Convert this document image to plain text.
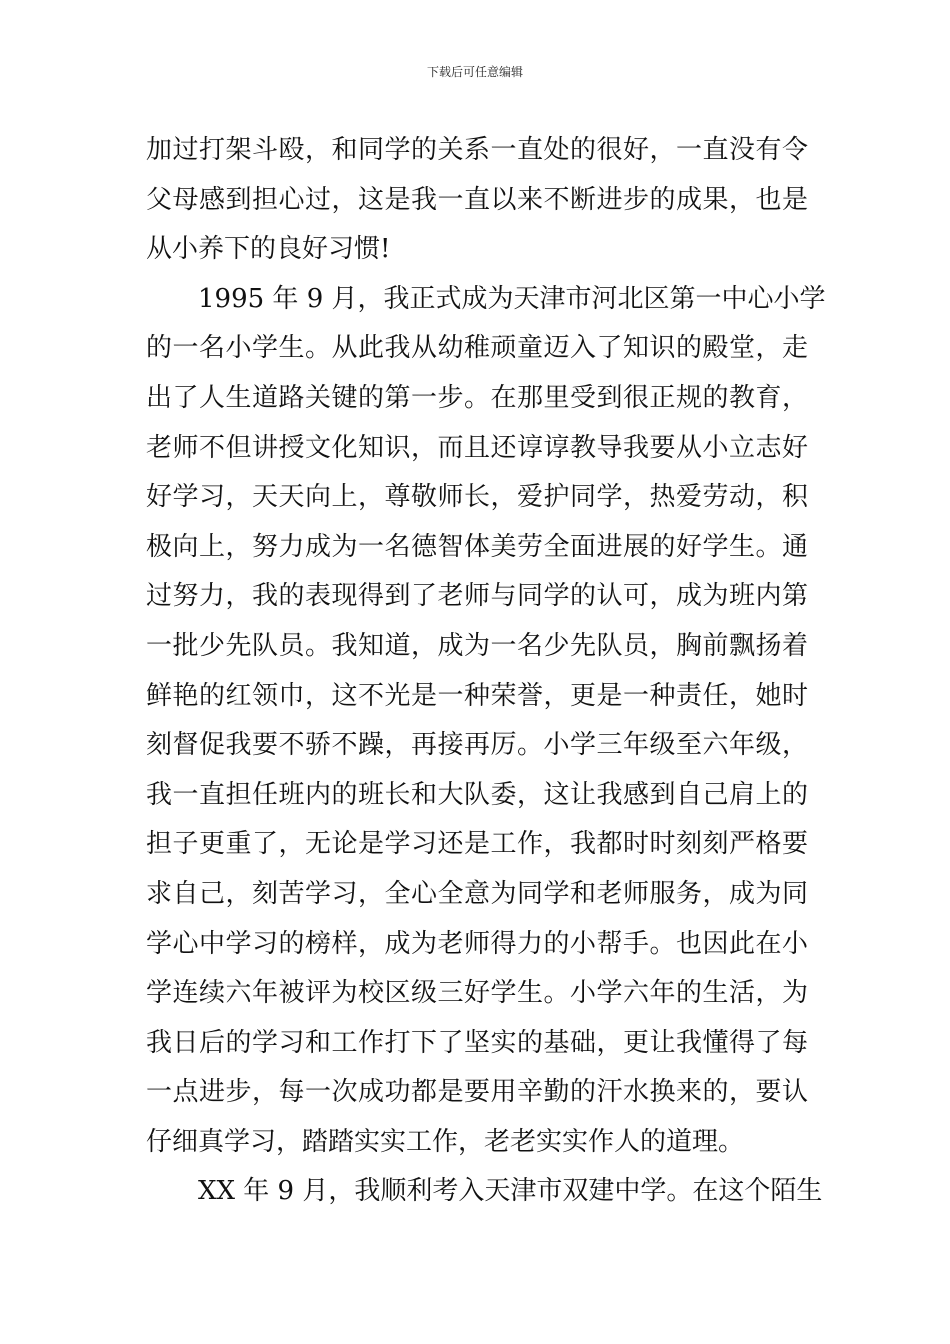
下载后可任意编辑
加过打架斗殴，和同学的关系一直处的很好，一直没有令
父母感到担心过，这是我一直以来不断进步的成果，也是
从小养下的良好习惯!
1995 年 9 月，我正式成为天津市河北区第一中心小学
的一名小学生。从此我从幼稚顽童迈入了知识的殿堂，走
出了人生道路关键的第一步。在那里受到很正规的教育，
老师不但讲授文化知识，而且还谆谆教导我要从小立志好
好学习，天天向上，尊敬师长，爱护同学，热爱劳动，积
极向上，努力成为一名德智体美劳全面进展的好学生。通
过努力，我的表现得到了老师与同学的认可，成为班内第
一批少先队员。我知道，成为一名少先队员，胸前飘扬着
鲜艳的红领巾，这不光是一种荣誉，更是一种责任，她时
刻督促我要不骄不躁，再接再厉。小学三年级至六年级，
我一直担任班内的班长和大队委，这让我感到自己肩上的
担子更重了，无论是学习还是工作，我都时时刻刻严格要
求自己，刻苦学习，全心全意为同学和老师服务，成为同
学心中学习的榜样，成为老师得力的小帮手。也因此在小
学连续六年被评为校区级三好学生。小学六年的生活，为
我日后的学习和工作打下了坚实的基础，更让我懂得了每
一点进步，每一次成功都是要用辛勤的汗水换来的，要认
仔细真学习，踏踏实实工作，老老实实作人的道理。
XX 年 9 月，我顺利考入天津市双建中学。在这个陌生
